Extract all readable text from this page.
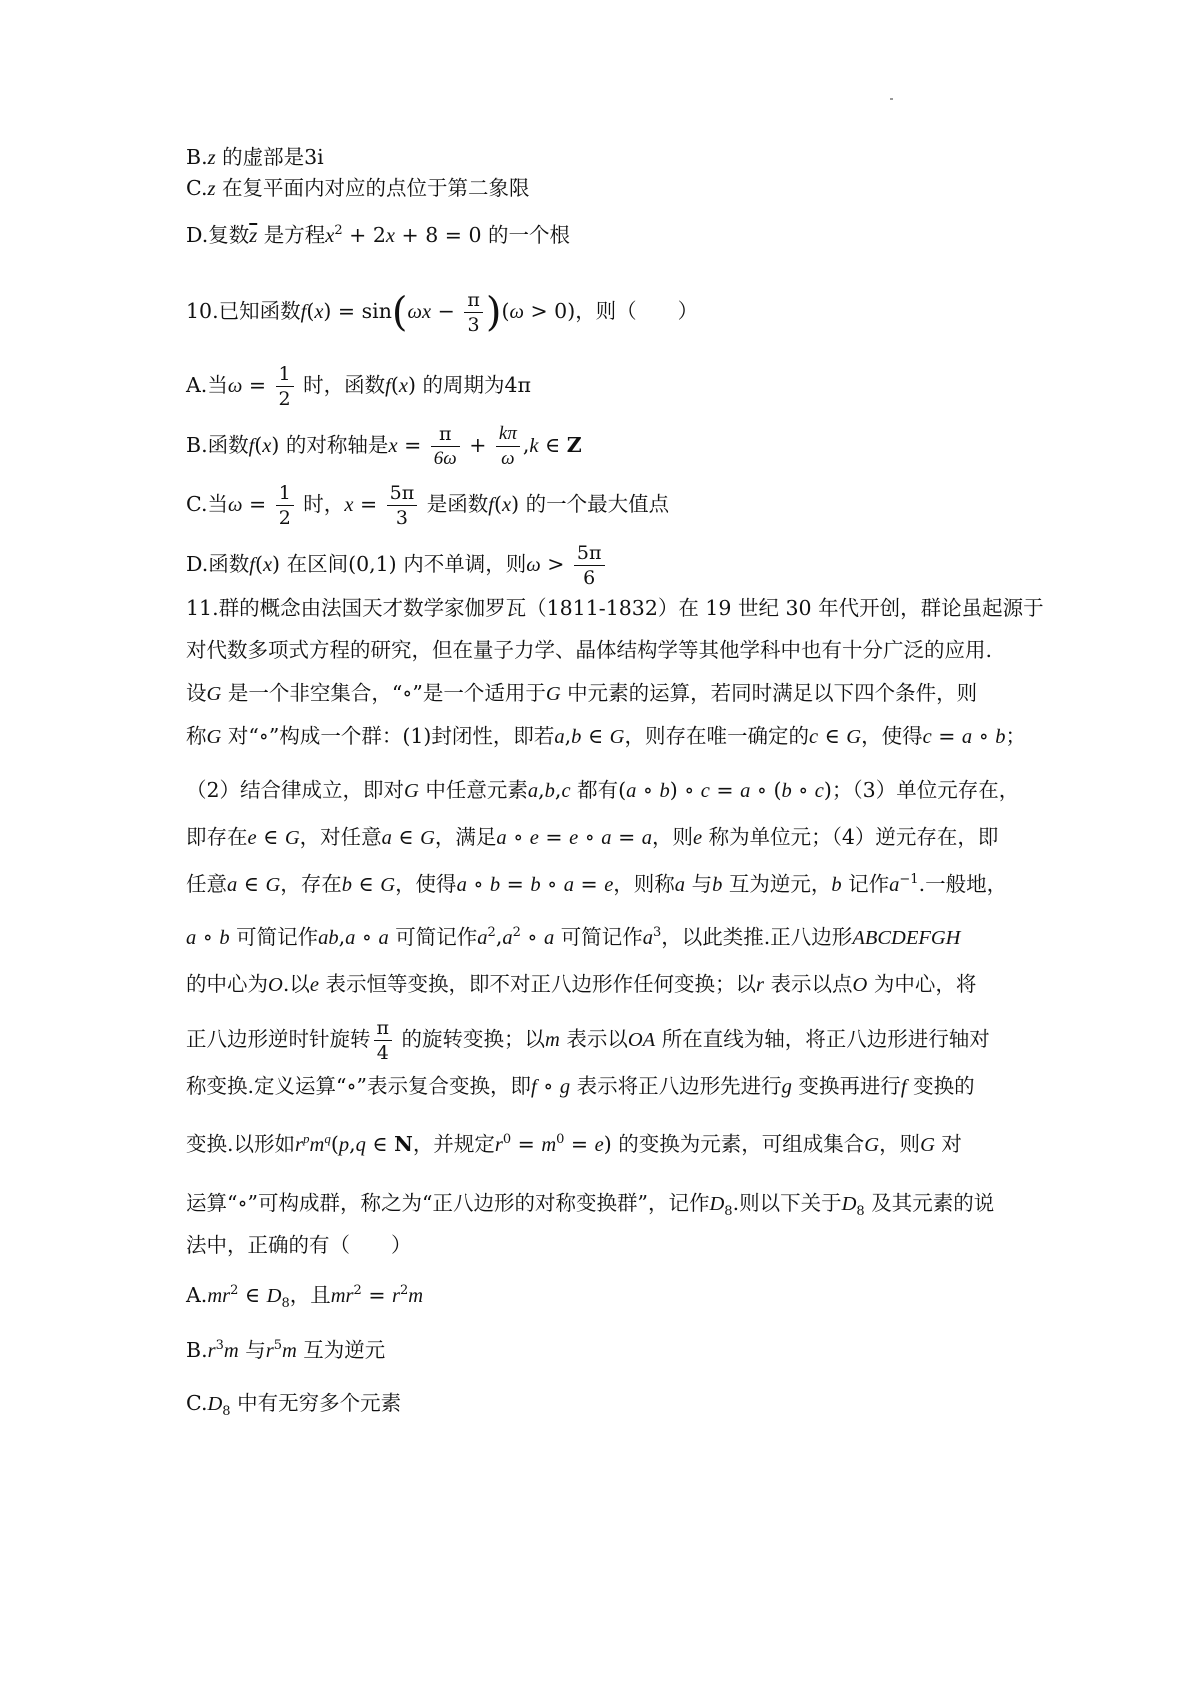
B.z 的虚部是3i
C.z 在复平面内对应的点位于第二象限
D.复数$\overline{z}$ 是方程$x^2 + 2x + 8 = 0$ 的一个根
10.已知函数$f(x) = \sin(\omega x - \frac{\pi}{3} )(\omega > 0)$，则（　　）
A.当$\omega = \frac{1}{2}$ 时，函数f(x) 的周期为4π
B.函数f(x) 的对称轴是$x = \frac{\pi}{6\omega} + \frac{k\pi}{\omega} ,k$ ∈ Z
C.当$\omega = \frac{1}{2}$ 时，$x = \frac{5\pi}{3}$ 是函数f(x) 的一个最大值点
D.函数f(x) 在区间(0,1) 内不单调，则$\omega > \frac{5\pi}{6}$
11.群的概念由法国天才数学家伽罗瓦（1811-1832）在 19 世纪 30 年代开创，群论虽起源于
对代数多项式方程的研究，但在量子力学、晶体结构学等其他学科中也有十分广泛的应用.
设G 是一个非空集合，“∘”是一个适用于G 中元素的运算，若同时满足以下四个条件，则
称G 对“∘”构成一个群：(1)封闭性，即若a,b ∈ G，则存在唯一确定的c ∈ G，使得c = a ∘ b；
（2）结合律成立，即对G 中任意元素a,b,c 都有(a ∘ b) ∘ c = a ∘ (b ∘ c)；（3）单位元存在，
即存在e ∈ G，对任意a ∈ G，满足a ∘ e = e ∘ a = a，则e 称为单位元；（4）逆元存在，即
任意a ∈ G，存在b ∈ G，使得a ∘ b = b ∘ a = e，则称a 与b 互为逆元，b 记作$a^{-1}$.一般地，
a ∘ b 可简记作ab,a ∘ a 可简记作$a^2,a^2$ ∘ a 可简记作$a^3$，以此类推.正八边形ABCDEFGH
的中心为O.以e 表示恒等变换，即不对正八边形作任何变换；以r 表示以点O 为中心，将
正八边形逆时针旋转 $\frac{\pi}{4}$ 的旋转变换；以m 表示以OA 所在直线为轴，将正八边形进行轴对
称变换.定义运算“∘”表示复合变换，即f ∘ g 表示将正八边形先进行g 变换再进行f 变换的
变换.以形如$r^pm^q(p,q$ ∈ N，并规定$r^0 = m^0 = e$) 的变换为元素，可组成集合G，则G 对
运算“∘”可构成群，称之为“正八边形的对称变换群”，记作$D_8$.则以下关于$D_8$ 及其元素的说
法中，正确的有（　　）
$A.mr^2$ ∈ $D_8$，且$mr^2 = r^2m$
$B.r^3m$ 与$r^5m$ 互为逆元
$C.D_8$ 中有无穷多个元素
